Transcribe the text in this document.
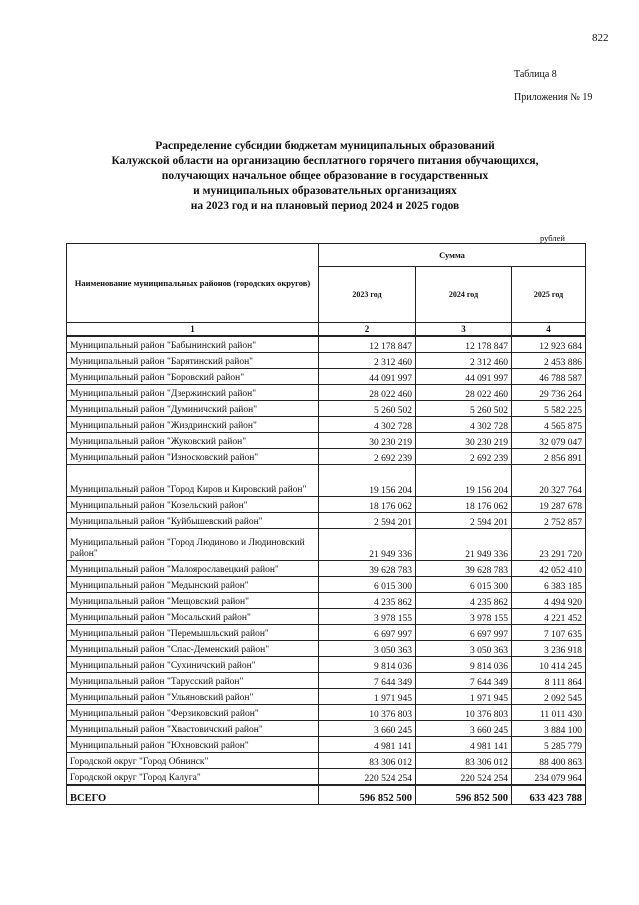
822
Таблица 8
Приложения № 19
Распределение субсидии бюджетам муниципальных образований
Калужской области на организацию бесплатного горячего питания обучающихся,
получающих начальное общее образование в государственных
и муниципальных образовательных организациях
на 2023 год и на плановый период 2024 и 2025 годов
рублей
Наименование муниципальных районов (городских округов)	Сумма		
	2023 год	2024 год	2025 год
1	2	3	4
Муниципальный район "Бабынинский район"	12 178 847	12 178 847	12 923 684
Муниципальный район "Барятинский район"	2 312 460	2 312 460	2 453 886
Муниципальный район "Боровский район"	44 091 997	44 091 997	46 788 587
Муниципальный район "Дзержинский район"	28 022 460	28 022 460	29 736 264
Муниципальный район "Думиничский район"	5 260 502	5 260 502	5 582 225
Муниципальный район "Жиздринский район"	4 302 728	4 302 728	4 565 875
Муниципальный район "Жуковский район"	30 230 219	30 230 219	32 079 047
Муниципальный район "Износковский район"	2 692 239	2 692 239	2 856 891
Муниципальный район "Город Киров и Кировский район"	19 156 204	19 156 204	20 327 764
Муниципальный район "Козельский район"	18 176 062	18 176 062	19 287 678
Муниципальный район "Куйбышевский район"	2 594 201	2 594 201	2 752 857
Муниципальный район "Город Людиново и Людиновский район"	21 949 336	21 949 336	23 291 720
Муниципальный район "Малоярославецкий район"	39 628 783	39 628 783	42 052 410
Муниципальный район "Медынский район"	6 015 300	6 015 300	6 383 185
Муниципальный район "Мещовский район"	4 235 862	4 235 862	4 494 920
Муниципальный район "Мосальский район"	3 978 155	3 978 155	4 221 452
Муниципальный район "Перемышльский район"	6 697 997	6 697 997	7 107 635
Муниципальный район "Спас-Деменский район"	3 050 363	3 050 363	3 236 918
Муниципальный район "Сухиничский район"	9 814 036	9 814 036	10 414 245
Муниципальный район "Тарусский район"	7 644 349	7 644 349	8 111 864
Муниципальный район "Ульяновский район"	1 971 945	1 971 945	2 092 545
Муниципальный район "Ферзиковский район"	10 376 803	10 376 803	11 011 430
Муниципальный район "Хвастовичский район"	3 660 245	3 660 245	3 884 100
Муниципальный район "Юхновский район"	4 981 141	4 981 141	5 285 779
Городской округ "Город Обнинск"	83 306 012	83 306 012	88 400 863
Городской округ "Город Калуга"	220 524 254	220 524 254	234 079 964
ВСЕГО	596 852 500	596 852 500	633 423 788
